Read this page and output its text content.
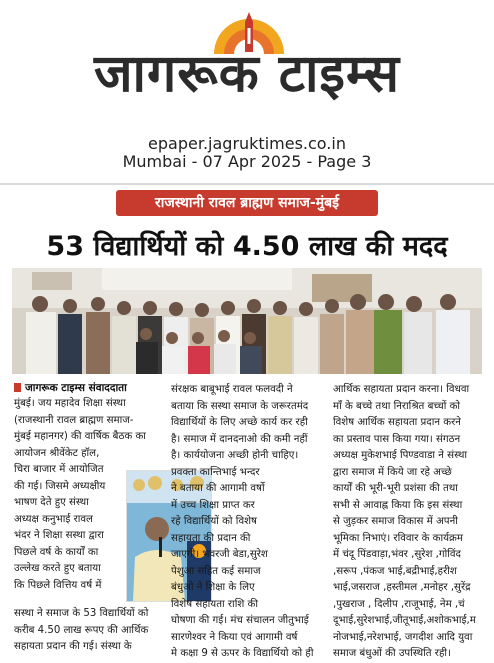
जागरूक टाइम्स
epaper.jagruktimes.co.in
Mumbai - 07 Apr 2025 - Page 3
राजस्थानी रावल ब्राह्मण समाज-मुंबई
53 विद्यार्थियों को 4.50 लाख की मदद
जागरूक टाइम्स संवाददाता
मुंबई। जय महादेव शिक्षा संस्था
(राजस्थानी रावल ब्राह्मण समाज-
मुंबई महानगर) की वार्षिक बैठक का
आयोजन श्रीवेंकेट हॉल,
चिरा बाजार में आयोजित
की गई। जिसमे अध्यक्षीय
भाषण देते हुए संस्था
अध्यक्ष कनुभाई रावल
भंदर ने शिक्षा सस्था द्वारा
पिछले वर्ष के कार्यों का
उल्लेख करते हुए बताया
कि पिछले वित्तिय वर्ष में
सस्था ने समाज के 53 विद्यार्थियों को
करीब 4.50 लाख रूपए की आर्थिक
सहायता प्रदान की गई। संस्था के
संरक्षक बाबूभाई रावल फलवदी ने
बताया कि सस्था समाज के जरूरतमंद
विद्यार्थियों के लिए अच्छे कार्य कर रही
है। समाज में दानदनाओ की कमी नहीं
है। कार्ययोजना अच्छी होनी चाहिए।
प्रवक्ता कान्तिभाई भन्दर
ने बताया की आगामी वर्षो
में उच्च शिक्षा प्राप्त कर
रहे विद्यार्थियों को विशेष
सहायता की प्रदान की
जाएगी। भवरजी बेडा,सुरेश
पेशुआ सहित कई समाज
बंधुओ ने शिक्षा के लिए
विशेष सहायता राशि की
घोषणा की गई। मंच संचालन जीतुभाई
सारणेश्वर ने किया एवं आगामी वर्ष
मे कक्षा 9 से ऊपर के विद्यार्थियो को ही
आर्थिक सहायता प्रदान करना। विधवा
माँ के बच्चे तथा निराश्रित बच्चों को
विशेष आर्थिक सहायता प्रदान करने
का प्रस्ताव पास किया गया। संगठन
अध्यक्ष मुकेशभाई पिण्डवाडा ने संस्था
द्वारा समाज में किये जा रहे अच्छे
कार्यों की भूरी-भूरी प्रशंसा की तथा
सभी से आवाह्न किया कि इस संस्था
से जुड़कर समाज विकास में अपनी
भूमिका निभाएं। रविवार के कार्यक्रम
में चंदू पिंडवाड़ा,भंवर ,सुरेश ,गोविंद
,सरूप ,पंकज भाई,बद्रीभाई,हरीश
भाई,जसराज ,हस्तीमल ,मनोहर ,सुरेंद्र
,पुखराज , दिलीप ,राजूभाई, नेम ,चं
दूभाई,सुरेशभाई,जीतूभाई,अशोकभाई,म
नोजभाई,नरेशभाई, जगदीश आदि युवा
समाज बंधुओं की उपस्थिति रही।
